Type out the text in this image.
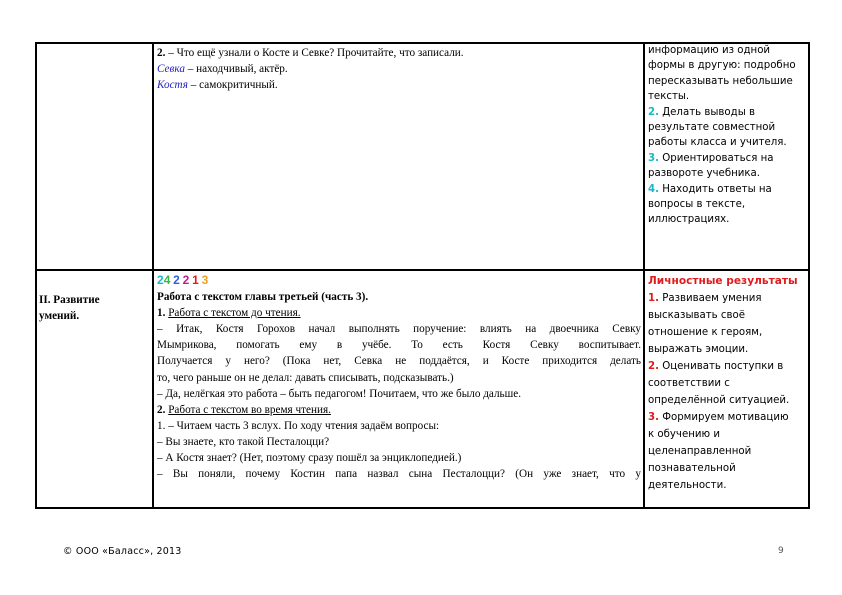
2. – Что ещё узнали о Косте и Севке? Прочитайте, что записали.
Севка – находчивый, актёр.
Костя – самокритичный.
информацию из одной
формы в другую: подробно
пересказывать небольшие
тексты.
2. Делать выводы в
результате совместной
работы класса и учителя.
3. Ориентироваться на
развороте учебника.
4. Находить ответы на
вопросы в тексте,
иллюстрациях.
II. Развитие
умений.
24 2 2 1 3
Работа с текстом главы третьей (часть 3).
1. Работа с текстом до чтения.
– Итак, Костя Горохов начал выполнять поручение: влиять на двоечника Севку
Мымрикова, помогать ему в учёбе. То есть Костя Севку воспитывает.
Получается у него? (Пока нет, Севка не поддаётся, и Косте приходится делать
то, чего раньше он не делал: давать списывать, подсказывать.)
– Да, нелёгкая это работа – быть педагогом! Почитаем, что же было дальше.
2. Работа с текстом во время чтения.
1. – Читаем часть 3 вслух. По ходу чтения задаём вопросы:
– Вы знаете, кто такой Песталоцци?
– А Костя знает? (Нет, поэтому сразу пошёл за энциклопедией.)
– Вы поняли, почему Костин папа назвал сына Песталоцци? (Он уже знает, что у
Личностные результаты
1. Развиваем умения
высказывать своё
отношение к героям,
выражать эмоции.
2. Оценивать поступки в
соответствии с
определённой ситуацией.
3. Формируем мотивацию
к обучению и
целенаправленной
познавательной
деятельности.
© ООО «Баласс», 2013	9
